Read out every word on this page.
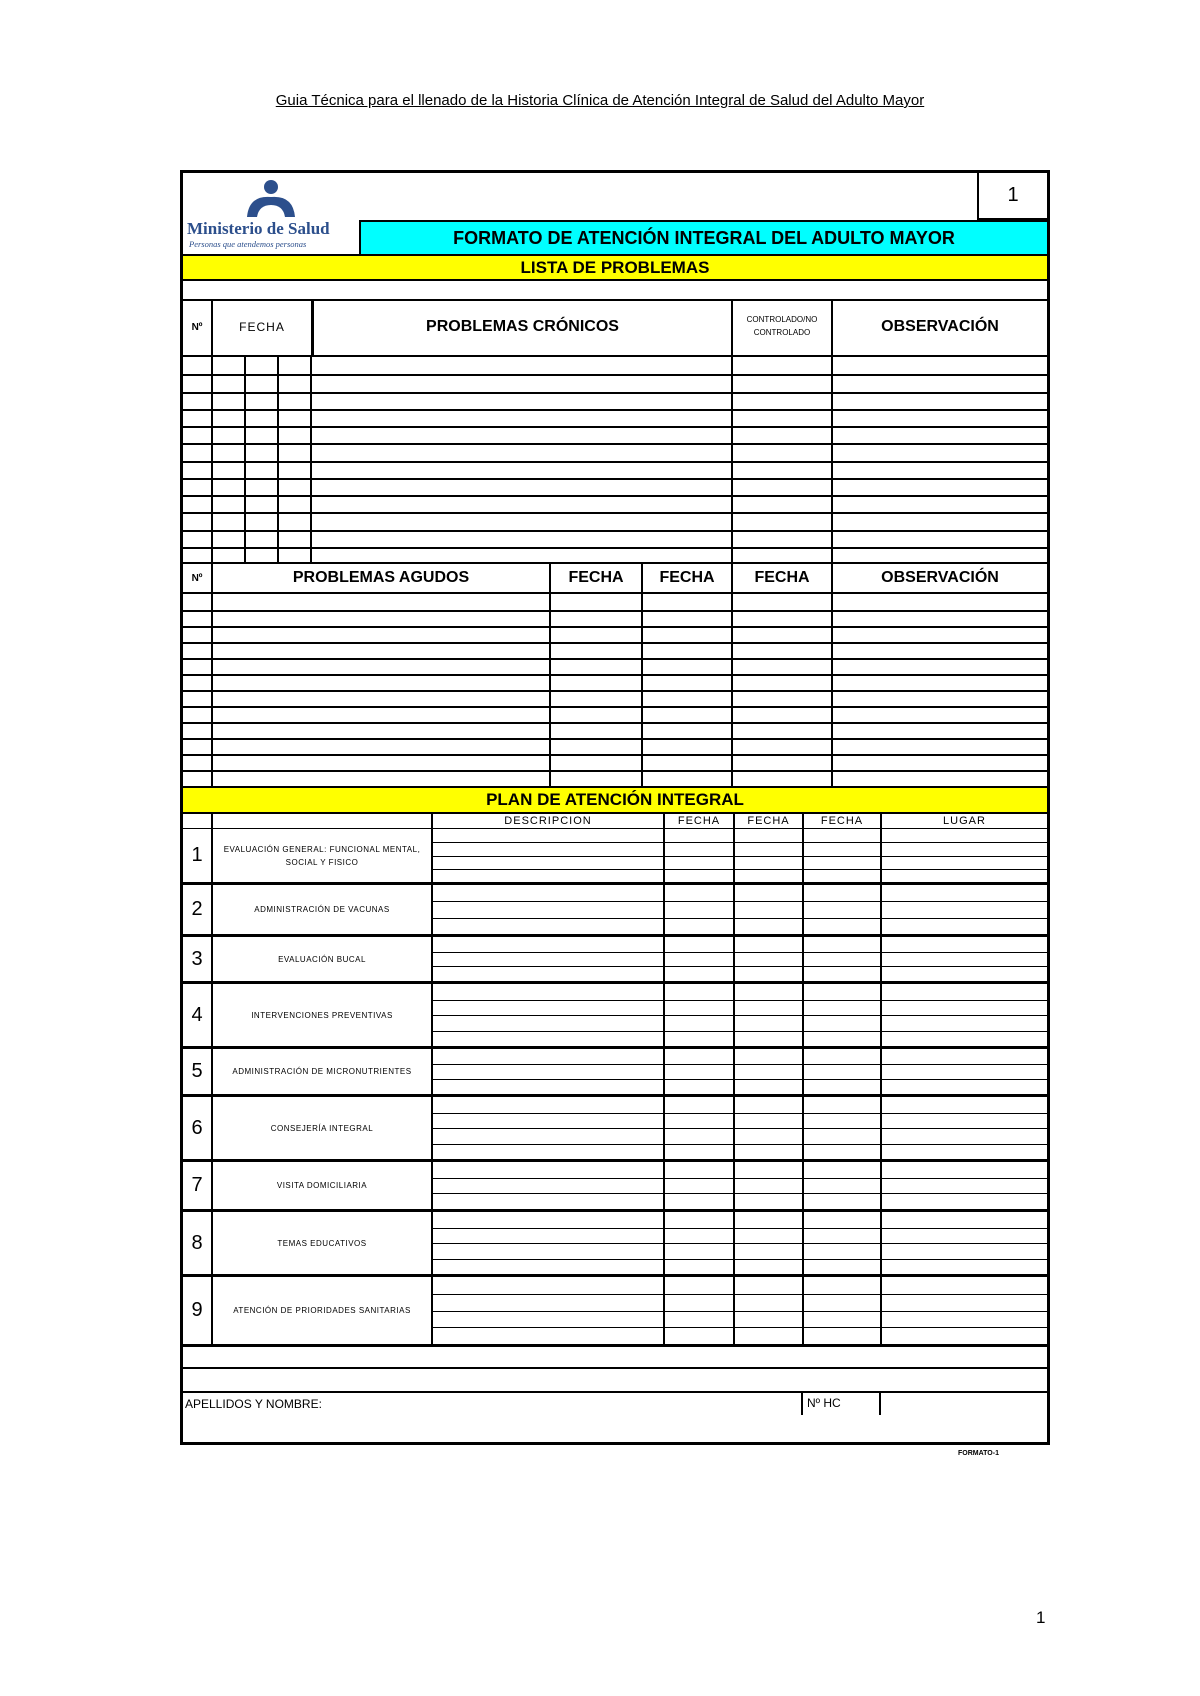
Guia Técnica para el llenado de la Historia Clínica de Atención Integral de Salud del Adulto Mayor
Ministerio de Salud
Personas que atendemos personas
1
FORMATO DE ATENCIÓN INTEGRAL DEL ADULTO MAYOR
LISTA DE PROBLEMAS
Nº	FECHA	PROBLEMAS CRÓNICOS	CONTROLADO/NO
CONTROLADO	OBSERVACIÓN
Nº	PROBLEMAS AGUDOS	FECHA	FECHA	FECHA	OBSERVACIÓN
PLAN DE ATENCIÓN INTEGRAL
DESCRIPCION	FECHA	FECHA	FECHA	LUGAR
1	EVALUACIÓN GENERAL: FUNCIONAL MENTAL, SOCIAL Y FISICO
2	ADMINISTRACIÓN DE VACUNAS
3	EVALUACIÓN BUCAL
4	INTERVENCIONES PREVENTIVAS
5	ADMINISTRACIÓN DE MICRONUTRIENTES
6	CONSEJERÍA INTEGRAL
7	VISITA DOMICILIARIA
8	TEMAS EDUCATIVOS
9	ATENCIÓN DE PRIORIDADES SANITARIAS
APELLIDOS Y NOMBRE:	Nº HC
FORMATO-1
1
